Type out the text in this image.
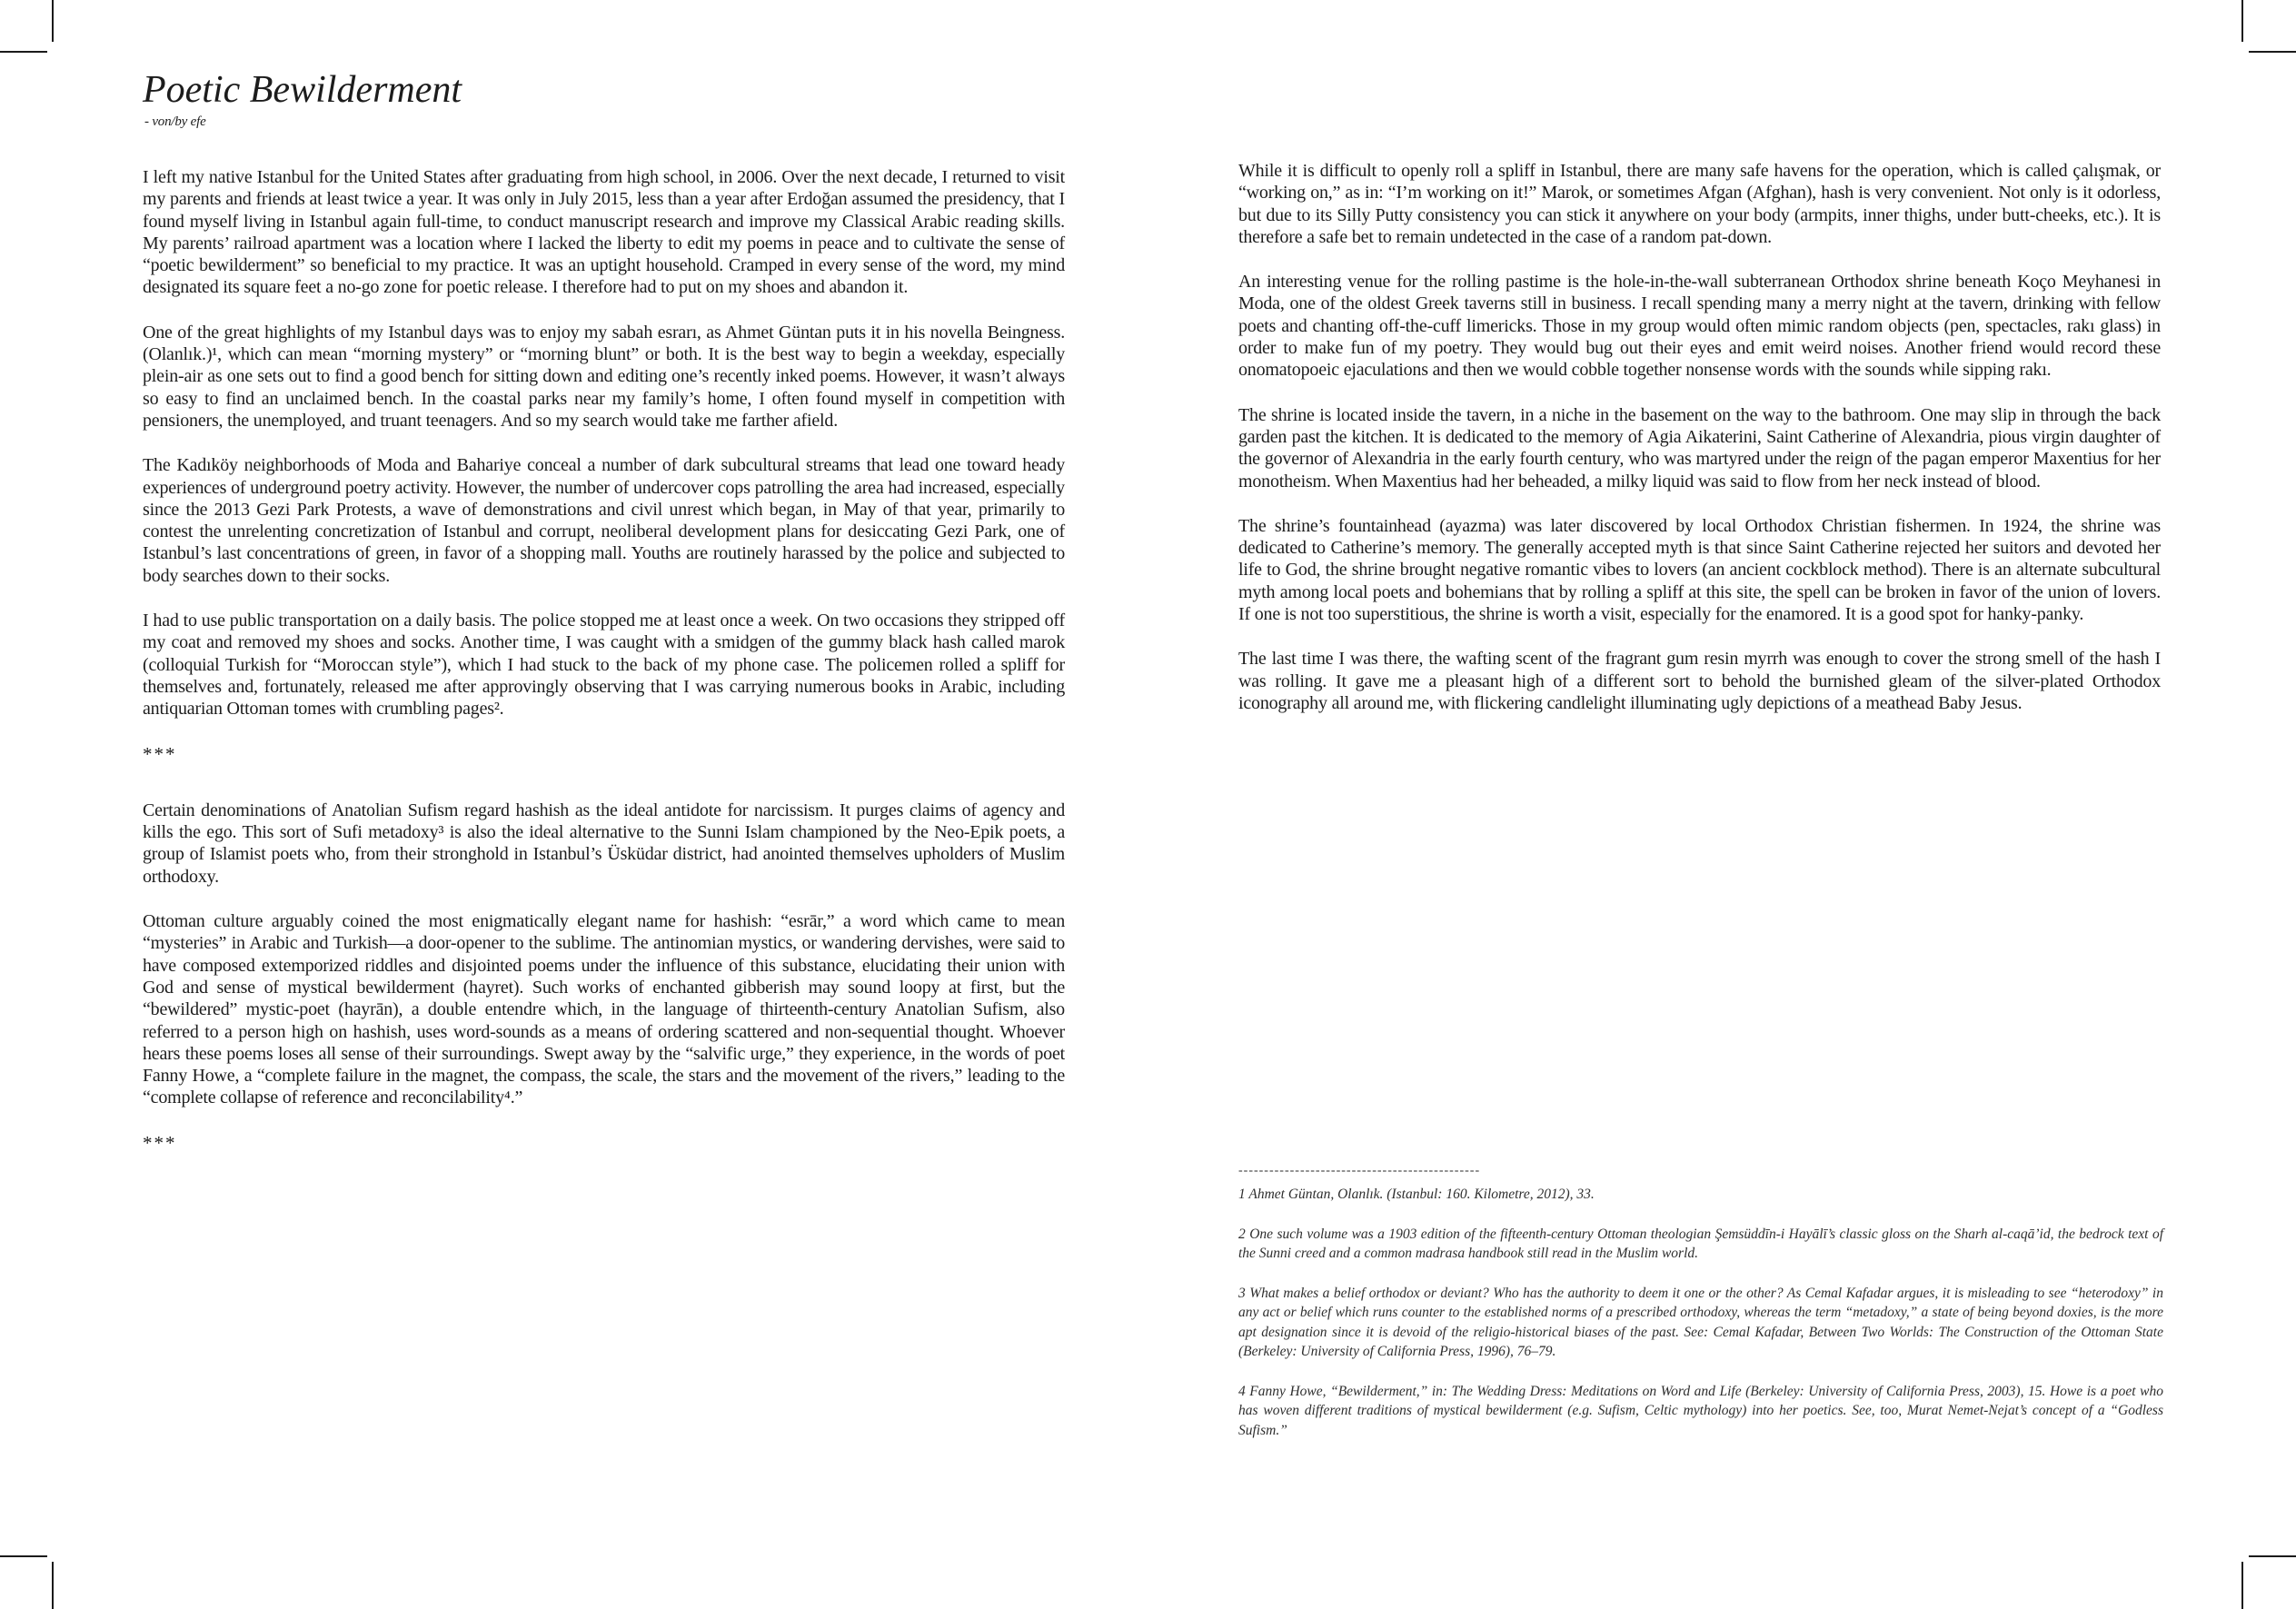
Poetic Bewilderment
- von/by efe

I left my native Istanbul for the United States after graduating from high school, in 2006. Over the next decade, I returned to visit my parents and friends at least twice a year. It was only in July 2015, less than a year after Erdoğan assumed the presidency, that I found myself living in Istanbul again full-time, to conduct manuscript research and improve my Classical Arabic reading skills. My parents’ railroad apartment was a location where I lacked the liberty to edit my poems in peace and to cultivate the sense of “poetic bewilderment” so beneficial to my practice. It was an uptight household. Cramped in every sense of the word, my mind designated its square feet a no-go zone for poetic release. I therefore had to put on my shoes and abandon it.

One of the great highlights of my Istanbul days was to enjoy my sabah esrarı, as Ahmet Güntan puts it in his novella Beingness. (Olanlık.)¹, which can mean “morning mystery” or “morning blunt” or both. It is the best way to begin a weekday, especially plein-air as one sets out to find a good bench for sitting down and editing one’s recently inked poems. However, it wasn’t always so easy to find an unclaimed bench. In the coastal parks near my family’s home, I often found myself in competition with pensioners, the unemployed, and truant teenagers. And so my search would take me farther afield.

The Kadıköy neighborhoods of Moda and Bahariye conceal a number of dark subcultural streams that lead one toward heady experiences of underground poetry activity. However, the number of undercover cops patrolling the area had increased, especially since the 2013 Gezi Park Protests, a wave of demonstrations and civil unrest which began, in May of that year, primarily to contest the unrelenting concretization of Istanbul and corrupt, neoliberal development plans for desiccating Gezi Park, one of Istanbul’s last concentrations of green, in favor of a shopping mall. Youths are routinely harassed by the police and subjected to body searches down to their socks.

I had to use public transportation on a daily basis. The police stopped me at least once a week. On two occasions they stripped off my coat and removed my shoes and socks. Another time, I was caught with a smidgen of the gummy black hash called marok (colloquial Turkish for “Moroccan style”), which I had stuck to the back of my phone case. The policemen rolled a spliff for themselves and, fortunately, released me after approvingly observing that I was carrying numerous books in Arabic, including antiquarian Ottoman tomes with crumbling pages².

***

Certain denominations of Anatolian Sufism regard hashish as the ideal antidote for narcissism. It purges claims of agency and kills the ego. This sort of Sufi metadoxy³ is also the ideal alternative to the Sunni Islam championed by the Neo-Epik poets, a group of Islamist poets who, from their stronghold in Istanbul’s Üsküdar district, had anointed themselves upholders of Muslim orthodoxy.

Ottoman culture arguably coined the most enigmatically elegant name for hashish: “esrār,” a word which came to mean “mysteries” in Arabic and Turkish—a door-opener to the sublime. The antinomian mystics, or wandering dervishes, were said to have composed extemporized riddles and disjointed poems under the influence of this substance, elucidating their union with God and sense of mystical bewilderment (hayret). Such works of enchanted gibberish may sound loopy at first, but the “bewildered” mystic-poet (hayrān), a double entendre which, in the language of thirteenth-century Anatolian Sufism, also referred to a person high on hashish, uses word-sounds as a means of ordering scattered and non-sequential thought. Whoever hears these poems loses all sense of their surroundings. Swept away by the “salvific urge,” they experience, in the words of poet Fanny Howe, a “complete failure in the magnet, the compass, the scale, the stars and the movement of the rivers,” leading to the “complete collapse of reference and reconcilability⁴.”

***

While it is difficult to openly roll a spliff in Istanbul, there are many safe havens for the operation, which is called çalışmak, or “working on,” as in: “I’m working on it!” Marok, or sometimes Afgan (Afghan), hash is very convenient. Not only is it odorless, but due to its Silly Putty consistency you can stick it anywhere on your body (armpits, inner thighs, under butt-cheeks, etc.). It is therefore a safe bet to remain undetected in the case of a random pat-down.

An interesting venue for the rolling pastime is the hole-in-the-wall subterranean Orthodox shrine beneath Koço Meyhanesi in Moda, one of the oldest Greek taverns still in business. I recall spending many a merry night at the tavern, drinking with fellow poets and chanting off-the-cuff limericks. Those in my group would often mimic random objects (pen, spectacles, rakı glass) in order to make fun of my poetry. They would bug out their eyes and emit weird noises. Another friend would record these onomatopoeic ejaculations and then we would cobble together nonsense words with the sounds while sipping rakı.

The shrine is located inside the tavern, in a niche in the basement on the way to the bathroom. One may slip in through the back garden past the kitchen. It is dedicated to the memory of Agia Aikaterini, Saint Catherine of Alexandria, pious virgin daughter of the governor of Alexandria in the early fourth century, who was martyred under the reign of the pagan emperor Maxentius for her monotheism. When Maxentius had her beheaded, a milky liquid was said to flow from her neck instead of blood.

The shrine’s fountainhead (ayazma) was later discovered by local Orthodox Christian fishermen. In 1924, the shrine was dedicated to Catherine’s memory. The generally accepted myth is that since Saint Catherine rejected her suitors and devoted her life to God, the shrine brought negative romantic vibes to lovers (an ancient cockblock method). There is an alternate subcultural myth among local poets and bohemians that by rolling a spliff at this site, the spell can be broken in favor of the union of lovers. If one is not too superstitious, the shrine is worth a visit, especially for the enamored. It is a good spot for hanky-panky.

The last time I was there, the wafting scent of the fragrant gum resin myrrh was enough to cover the strong smell of the hash I was rolling. It gave me a pleasant high of a different sort to behold the burnished gleam of the silver-plated Orthodox iconography all around me, with flickering candlelight illuminating ugly depictions of a meathead Baby Jesus.

-----------------------------------------------

1 Ahmet Güntan, Olanlık. (Istanbul: 160. Kilometre, 2012), 33.

2 One such volume was a 1903 edition of the fifteenth-century Ottoman theologian Şemsüddīn-i Hayālī’s classic gloss on the Sharh al-caqā’id, the bedrock text of the Sunni creed and a common madrasa handbook still read in the Muslim world.

3 What makes a belief orthodox or deviant? Who has the authority to deem it one or the other? As Cemal Kafadar argues, it is misleading to see “heterodoxy” in any act or belief which runs counter to the established norms of a prescribed orthodoxy, whereas the term “metadoxy,” a state of being beyond doxies, is the more apt designation since it is devoid of the religio-historical biases of the past. See: Cemal Kafadar, Between Two Worlds: The Construction of the Ottoman State (Berkeley: University of California Press, 1996), 76–79.

4 Fanny Howe, “Bewilderment,” in: The Wedding Dress: Meditations on Word and Life (Berkeley: University of California Press, 2003), 15. Howe is a poet who has woven different traditions of mystical bewilderment (e.g. Sufism, Celtic mythology) into her poetics. See, too, Murat Nemet-Nejat’s concept of a “Godless Sufism.”
